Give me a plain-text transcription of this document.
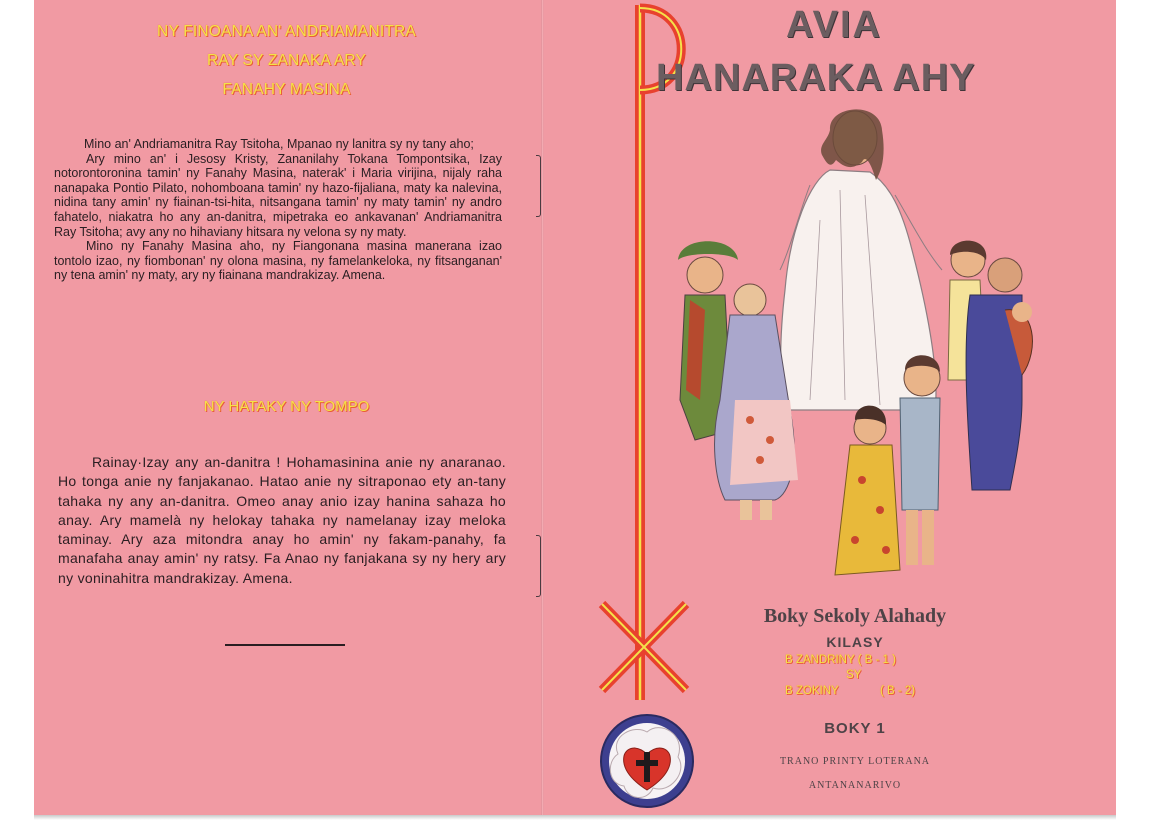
NY FINOANA AN' ANDRIAMANITRA
RAY SY ZANAKA ARY
FANAHY MASINA

Mino an' Andriamanitra Ray Tsitoha, Mpanao ny lanitra sy ny tany aho;

Ary mino an' i Jesosy Kristy, Zananilahy Tokana Tompontsika, Izay notorontoronina tamin' ny Fanahy Masina, naterak' i Maria virijina, nijaly raha nanapaka Pontio Pilato, nohomboana tamin' ny hazo-fijaliana, maty ka nalevina, nidina tany amin' ny fiainan-tsi-hita, nitsangana tamin' ny maty tamin' ny andro fahatelo, niakatra ho any an-danitra, mipetraka eo ankavanan' Andriamanitra Ray Tsitoha; avy any no hihaviany hitsara ny velona sy ny maty.

Mino ny Fanahy Masina aho, ny Fiangonana masina manerana izao tontolo izao, ny fiombonan' ny olona masina, ny famelankeloka, ny fitsanganan' ny tena amin' ny maty, ary ny fiainana mandrakizay. Amena.

NY HATAKY NY TOMPO

Rainay·Izay any an-danitra ! Hohamasinina anie ny anaranao. Ho tonga anie ny fanjakanao. Hatao anie ny sitraponao ety an-tany tahaka ny any an-danitra. Omeo anay anio izay hanina sahaza ho anay. Ary mamelà ny helokay tahaka ny namelanay izay meloka taminay. Ary aza mitondra anay ho amin' ny fakam-panahy, fa manafaha anay amin' ny ratsy. Fa Anao ny fanjakana sy ny hery ary ny voninahitra mandrakizay. Amena.

AVIA
HANARAKA AHY
Boky Sekoly Alahady
KILASY
B ZANDRINY ( B - 1 )
SY
B ZOKINY	( B - 2)
BOKY 1
TRANO PRINTY LOTERANA
ANTANANARIVO
